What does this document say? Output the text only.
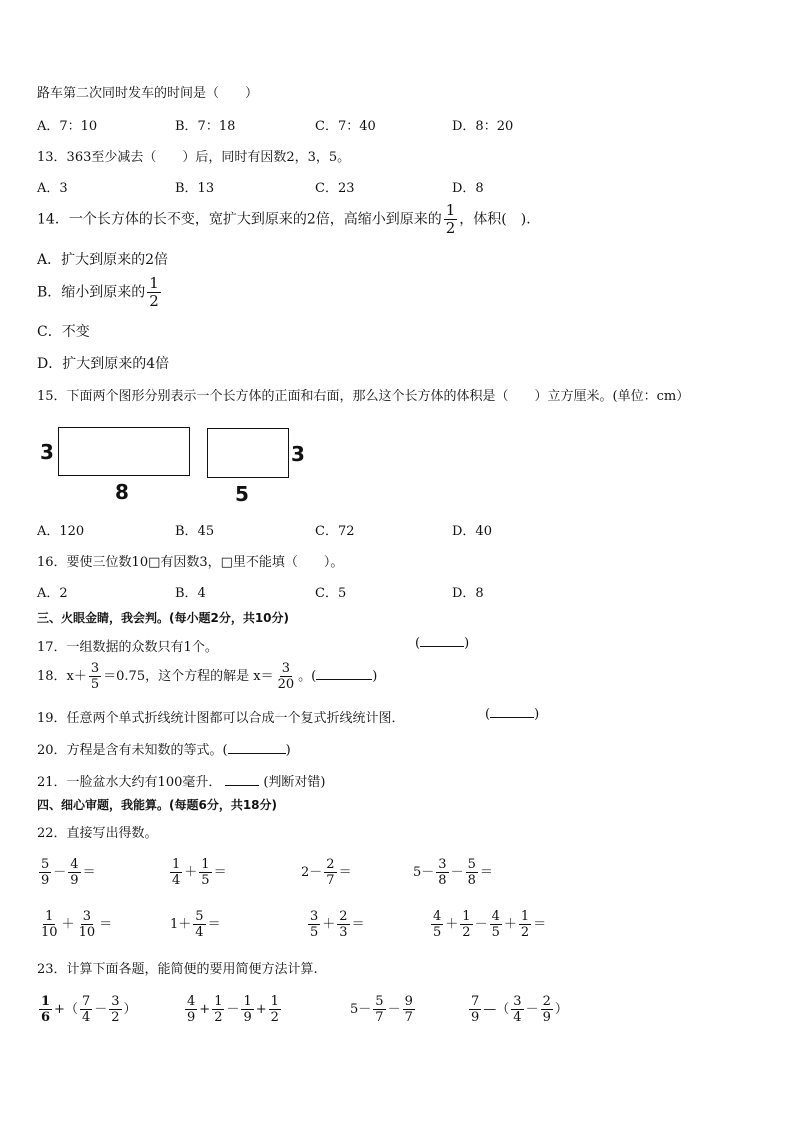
路车第二次同时发车的时间是（　　）
A．7：10	B．7：18	C．7：40	D．8：20
13．363至少减去（　　）后，同时有因数2，3，5。
A．3	B．13	C．23	D．8
14．一个长方体的长不变，宽扩大到原来的2倍，高缩小到原来的 $\frac{1}{2}$ ，体积(　).
A．扩大到原来的2倍
B．缩小到原来的 $\frac{1}{2}$
C．不变
D．扩大到原来的4倍
15．下面两个图形分别表示一个长方体的正面和右面，那么这个长方体的体积是（　　）立方厘米。(单位：cm）
3
8
3
5
A．120	B．45	C．72	D．40
16．要使三位数10□有因数3，□里不能填（　　）。
A．2	B．4	C．5	D．8
三、火眼金睛，我会判。(每小题2分，共10分)
17．一组数据的众数只有1个。	(	)
18．$x+ \frac{3}{5} =0.75$，这个方程的解是 $x= \frac{3}{20}$ 。(	)
19．任意两个单式折线统计图都可以合成一个复式折线统计图．	(	)
20．方程是含有未知数的等式。(	)
21．一脸盆水大约有100毫升．	(判断对错)
四、细心审题，我能算。(每题6分，共18分)
22．直接写出得数。
$\frac{5}{9} - \frac{4}{9}$ ＝	$\frac{1}{4} + \frac{1}{5}$ ＝	$2- \frac{2}{7}$ ＝	$5- \frac{3}{8} - \frac{5}{8}$ ＝
$\frac{1}{10} + \frac{3}{10}$ ＝	$1+ \frac{5}{4}$ ＝	$\frac{3}{5} + \frac{2}{3}$ ＝	$\frac{4}{5} + \frac{1}{2} - \frac{4}{5} + \frac{1}{2}$ ＝
23．计算下面各题，能简便的要用简便方法计算.
$\frac{1}{6}$ +（ $\frac{7}{4} - \frac{3}{2}$ ）	$\frac{4}{9} + \frac{1}{2} - \frac{1}{9} + \frac{1}{2}$	$5- \frac{5}{7} - \frac{9}{7}$	$\frac{7}{9}$ —（ $\frac{3}{4} - \frac{2}{9}$ ）
